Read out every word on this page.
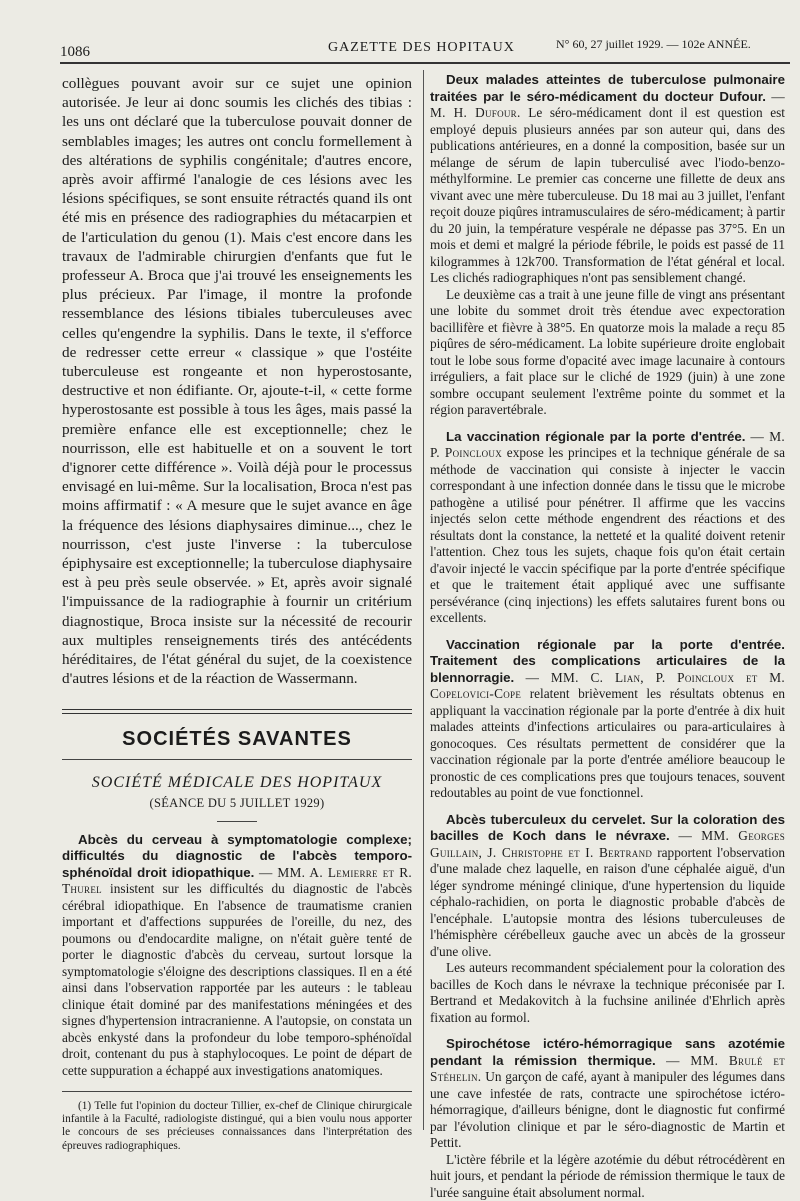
1086	GAZETTE DES HOPITAUX	N° 60, 27 juillet 1929. — 102e ANNÉE.

collègues pouvant avoir sur ce sujet une opinion autorisée. Je leur ai donc soumis les clichés des tibias : les uns ont déclaré que la tuberculose pouvait donner de semblables images; les autres ont conclu formellement à des altérations de syphilis congénitale; d'autres encore, après avoir affirmé l'analogie de ces lésions avec les lésions spécifiques, se sont ensuite rétractés quand ils ont été mis en présence des radiographies du métacarpien et de l'articulation du genou (1). Mais c'est encore dans les travaux de l'admirable chirurgien d'enfants que fut le professeur A. Broca que j'ai trouvé les enseignements les plus précieux. Par l'image, il montre la profonde ressemblance des lésions tibiales tuberculeuses avec celles qu'engendre la syphilis. Dans le texte, il s'efforce de redresser cette erreur « classique » que l'ostéite tuberculeuse est rongeante et non hyperostosante, destructive et non édifiante. Or, ajoute-t-il, « cette forme hyperostosante est possible à tous les âges, mais passé la première enfance elle est exceptionnelle; chez le nourrisson, elle est habituelle et on a souvent le tort d'ignorer cette différence ». Voilà déjà pour le processus envisagé en lui-même. Sur la localisation, Broca n'est pas moins affirmatif : « A mesure que le sujet avance en âge la fréquence des lésions diaphysaires diminue..., chez le nourrisson, c'est juste l'inverse : la tuberculose épiphysaire est exceptionnelle; la tuberculose diaphysaire est à peu près seule observée. » Et, après avoir signalé l'impuissance de la radiographie à fournir un critérium diagnostique, Broca insiste sur la nécessité de recourir aux multiples renseignements tirés des antécédents héréditaires, de l'état général du sujet, de la coexistence d'autres lésions et de la réaction de Wassermann.

SOCIÉTÉS SAVANTES
SOCIÉTÉ MÉDICALE DES HOPITAUX
(SÉANCE DU 5 JUILLET 1929)

Abcès du cerveau à symptomatologie complexe; difficultés du diagnostic de l'abcès temporo-sphénoïdal droit idiopathique. — MM. A. Lemierre et R. Thurel insistent sur les difficultés du diagnostic de l'abcès cérébral idiopathique. En l'absence de traumatisme cranien important et d'affections suppurées de l'oreille, du nez, des poumons ou d'endocardite maligne, on n'était guère tenté de porter le diagnostic d'abcès du cerveau, surtout lorsque la symptomatologie s'éloigne des descriptions classiques. Il en a été ainsi dans l'observation rapportée par les auteurs : le tableau clinique était dominé par des manifestations méningées et des signes d'hypertension intracranienne. A l'autopsie, on constata un abcès enkysté dans la profondeur du lobe temporo-sphénoïdal droit, contenant du pus à staphylocoques. Le point de départ de cette suppuration a échappé aux investigations anatomiques.

(1) Telle fut l'opinion du docteur Tillier, ex-chef de Clinique chirurgicale infantile à la Faculté, radiologiste distingué, qui a bien voulu nous apporter le concours de ses précieuses connaissances dans l'interprétation des épreuves radiographiques.

Deux malades atteintes de tuberculose pulmonaire traitées par le séro-médicament du docteur Dufour. — M. H. Dufour. Le séro-médicament dont il est question est employé depuis plusieurs années par son auteur qui, dans des publications antérieures, en a donné la composition, basée sur un mélange de sérum de lapin tuberculisé avec l'iodo-benzo-méthylformine. Le premier cas concerne une fillette de deux ans vivant avec une mère tuberculeuse. Du 18 mai au 3 juillet, l'enfant reçoit douze piqûres intramusculaires de séro-médicament; à partir du 20 juin, la température vespérale ne dépasse pas 37°5. En un mois et demi et malgré la période fébrile, le poids est passé de 11 kilogrammes à 12k700. Transformation de l'état général et local. Les clichés radiographiques n'ont pas sensiblement changé.

Le deuxième cas a trait à une jeune fille de vingt ans présentant une lobite du sommet droit très étendue avec expectoration bacillifère et fièvre à 38°5. En quatorze mois la malade a reçu 85 piqûres de séro-médicament. La lobite supérieure droite englobait tout le lobe sous forme d'opacité avec image lacunaire à contours irréguliers, a fait place sur le cliché de 1929 (juin) à une zone sombre occupant seulement l'extrême pointe du sommet et la région paravertébrale.

La vaccination régionale par la porte d'entrée. — M. P. Poincloux expose les principes et la technique générale de sa méthode de vaccination qui consiste à injecter le vaccin correspondant à une infection donnée dans le tissu que le microbe pathogène a utilisé pour pénétrer. Il affirme que les vaccins injectés selon cette méthode engendrent des réactions et des résultats dont la constance, la netteté et la qualité doivent retenir l'attention. Chez tous les sujets, chaque fois qu'on était certain d'avoir injecté le vaccin spécifique par la porte d'entrée spécifique et que le traitement était appliqué avec une suffisante persévérance (cinq injections) les effets salutaires furent bons ou excellents.

Vaccination régionale par la porte d'entrée. Traitement des complications articulaires de la blennorragie. — MM. C. Lian, P. Poincloux et M. Copelovici-Cope relatent brièvement les résultats obtenus en appliquant la vaccination régionale par la porte d'entrée à dix huit malades atteints d'infections articulaires ou para-articulaires à gonocoques. Ces résultats permettent de considérer que la vaccination régionale par la porte d'entrée améliore beaucoup le pronostic de ces complications pres que toujours tenaces, souvent redoutables au point de vue fonctionnel.

Abcès tuberculeux du cervelet. Sur la coloration des bacilles de Koch dans le névraxe. — MM. Georges Guillain, J. Christophe et I. Bertrand rapportent l'observation d'une malade chez laquelle, en raison d'une céphalée aiguë, d'un léger syndrome méningé clinique, d'une hypertension du liquide céphalo-rachidien, on porta le diagnostic probable d'abcès de l'encéphale. L'autopsie montra des lésions tuberculeuses de l'hémisphère cérébelleux gauche avec un abcès de la grosseur d'une olive.

Les auteurs recommandent spécialement pour la coloration des bacilles de Koch dans le névraxe la technique préconisée par I. Bertrand et Medakovitch à la fuchsine anilinée d'Ehrlich après fixation au formol.

Spirochétose ictéro-hémorragique sans azotémie pendant la rémission thermique. — MM. Brulé et Stéhelin. Un garçon de café, ayant à manipuler des légumes dans une cave infestée de rats, contracte une spirochétose ictéro-hémorragique, d'ailleurs bénigne, dont le diagnostic fut confirmé par l'évolution clinique et par le séro-diagnostic de Martin et Pettit.

L'ictère fébrile et la légère azotémie du début rétrocédèrent en huit jours, et pendant la période de rémission thermique le taux de l'urée sanguine était absolument normal.
